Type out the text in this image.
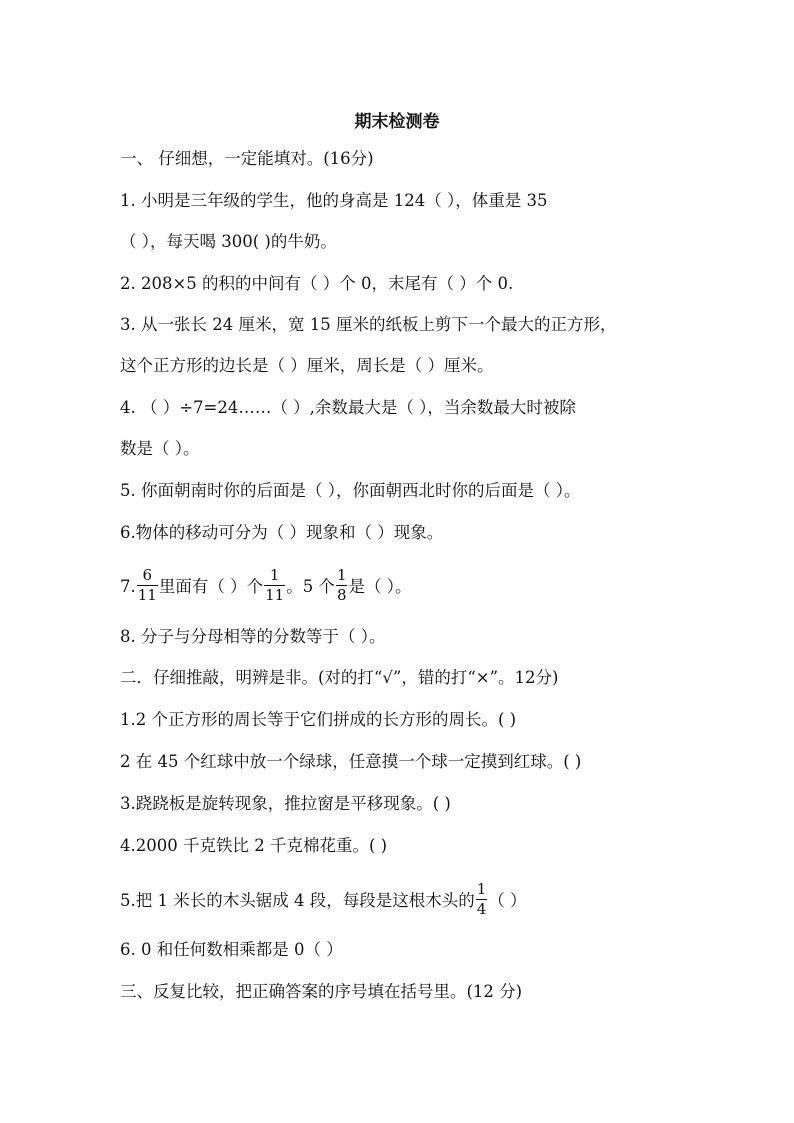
期末检测卷
一、 仔细想，一定能填对。(16分)
1. 小明是三年级的学生，他的身高是 124（ ），体重是 35
（ ），每天喝 300( )的牛奶。
2. 208×5 的积的中间有（ ）个 0，末尾有（ ）个 0.
3. 从一张长 24 厘米，宽 15 厘米的纸板上剪下一个最大的正方形，
这个正方形的边长是（ ）厘米，周长是（ ）厘米。
4. （ ）÷7=24……（ ）,余数最大是（ ），当余数最大时被除
数是（ ）。
5. 你面朝南时你的后面是（ ），你面朝西北时你的后面是（ ）。
6.物体的移动可分为（ ）现象和（ ）现象。
7. $\frac{6}{11}$ 里面有（ ）个 $\frac{1}{11}$ 。5 个 $\frac{1}{8}$ 是（ ）。
8. 分子与分母相等的分数等于（ ）。
二．仔细推敲，明辨是非。(对的打“√”，错的打“×”。12分)
1.2 个正方形的周长等于它们拼成的长方形的周长。( )
2 在 45 个红球中放一个绿球，任意摸一个球一定摸到红球。( )
3.跷跷板是旋转现象，推拉窗是平移现象。( )
4.2000 千克铁比 2 千克棉花重。( )
5.把 1 米长的木头锯成 4 段，每段是这根木头的 $\frac{1}{4}$ （ ）
6. 0 和任何数相乘都是 0（ ）
三、反复比较，把正确答案的序号填在括号里。(12 分)
